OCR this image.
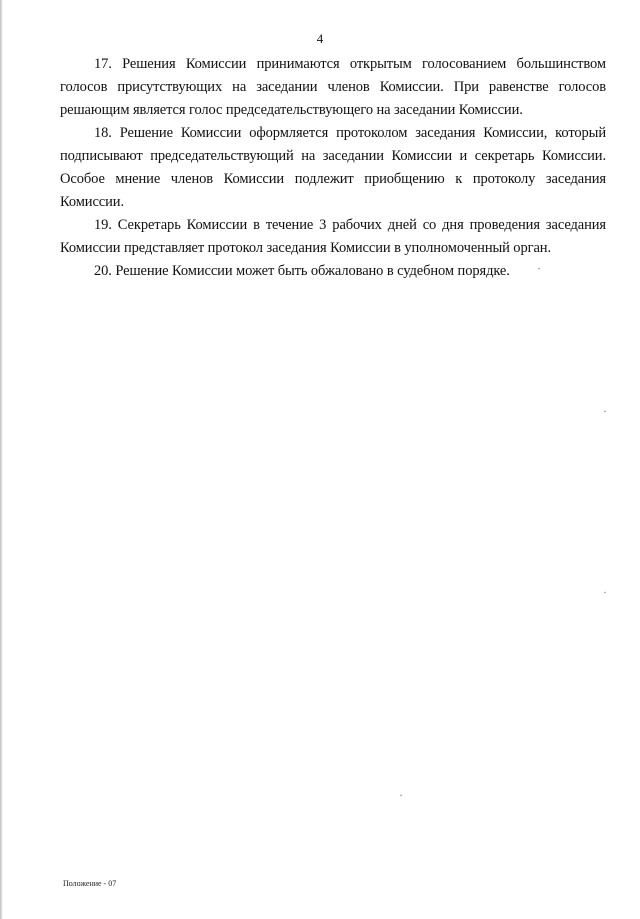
4

17. Решения Комиссии принимаются открытым голосованием большинством голосов присутствующих на заседании членов Комиссии. При равенстве голосов решающим является голос председательствующего на заседании Комиссии.

18. Решение Комиссии оформляется протоколом заседания Комиссии, который подписывают председательствующий на заседании Комиссии и секретарь Комиссии. Особое мнение членов Комиссии подлежит приобщению к протоколу заседания Комиссии.

19. Секретарь Комиссии в течение 3 рабочих дней со дня проведения заседания Комиссии представляет протокол заседания Комиссии в уполномоченный орган.

20. Решение Комиссии может быть обжаловано в судебном порядке.

Положение - 07
